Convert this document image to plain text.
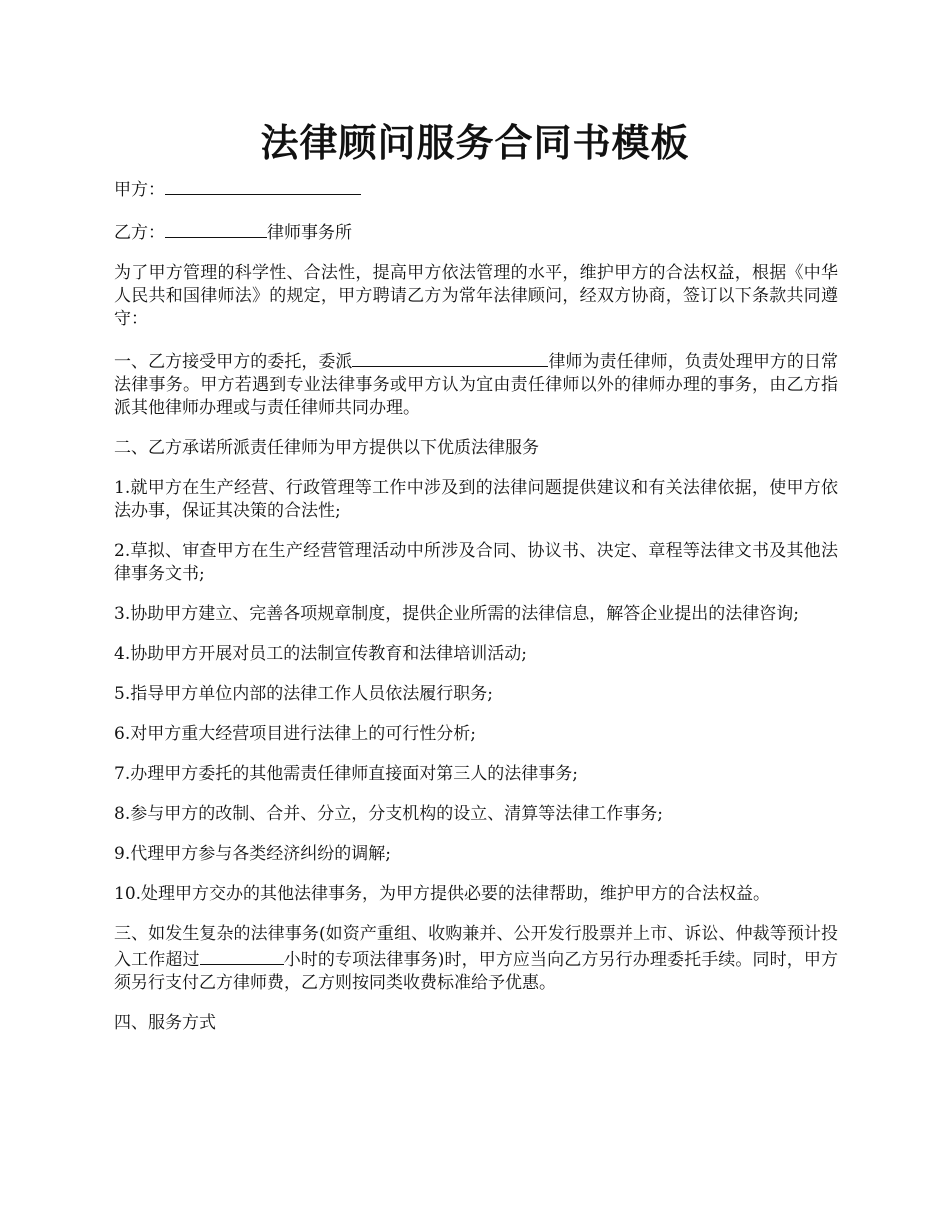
法律顾问服务合同书模板

甲方：

乙方：	律师事务所

为了甲方管理的科学性、合法性，提高甲方依法管理的水平，维护甲方的合法权益，根据《中华人民共和国律师法》的规定，甲方聘请乙方为常年法律顾问，经双方协商，签订以下条款共同遵守：

一、乙方接受甲方的委托，委派	律师为责任律师，负责处理甲方的日常法律事务。甲方若遇到专业法律事务或甲方认为宜由责任律师以外的律师办理的事务，由乙方指派其他律师办理或与责任律师共同办理。

二、乙方承诺所派责任律师为甲方提供以下优质法律服务

1.就甲方在生产经营、行政管理等工作中涉及到的法律问题提供建议和有关法律依据，使甲方依法办事，保证其决策的合法性;

2.草拟、审查甲方在生产经营管理活动中所涉及合同、协议书、决定、章程等法律文书及其他法律事务文书;

3.协助甲方建立、完善各项规章制度，提供企业所需的法律信息，解答企业提出的法律咨询;

4.协助甲方开展对员工的法制宣传教育和法律培训活动;

5.指导甲方单位内部的法律工作人员依法履行职务;

6.对甲方重大经营项目进行法律上的可行性分析;

7.办理甲方委托的其他需责任律师直接面对第三人的法律事务;

8.参与甲方的改制、合并、分立，分支机构的设立、清算等法律工作事务;

9.代理甲方参与各类经济纠纷的调解;

10.处理甲方交办的其他法律事务，为甲方提供必要的法律帮助，维护甲方的合法权益。

三、如发生复杂的法律事务(如资产重组、收购兼并、公开发行股票并上市、诉讼、仲裁等预计投入工作超过	小时的专项法律事务)时，甲方应当向乙方另行办理委托手续。同时，甲方须另行支付乙方律师费，乙方则按同类收费标准给予优惠。

四、服务方式
